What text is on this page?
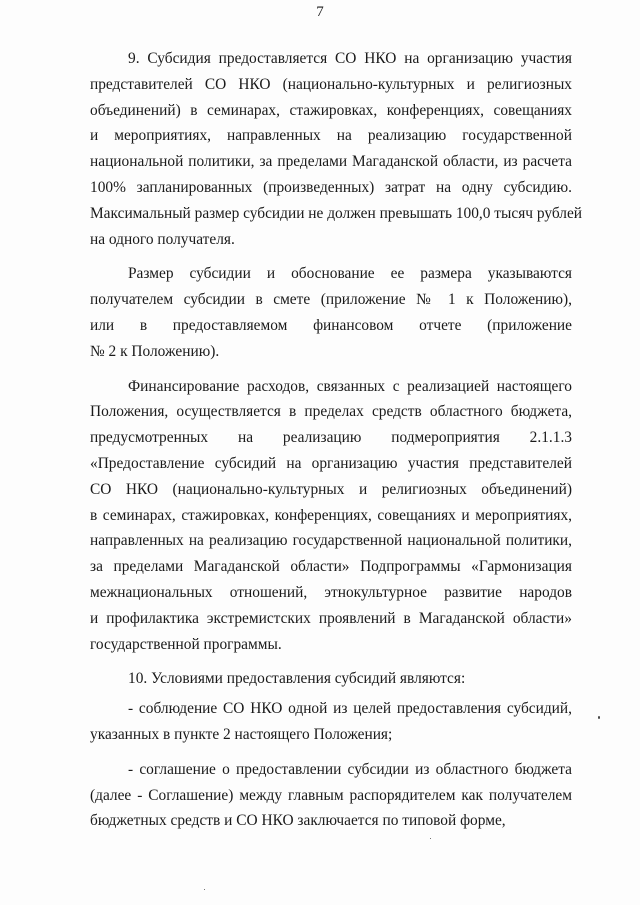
7
9. Субсидия предоставляется СО НКО на организацию участия
представителей СО НКО (национально-культурных и религиозных
объединений) в семинарах, стажировках, конференциях, совещаниях
и мероприятиях, направленных на реализацию государственной
национальной политики, за пределами Магаданской области, из расчета
100% запланированных (произведенных) затрат на одну субсидию.
Максимальный размер субсидии не должен превышать 100,0 тысяч рублей
на одного получателя.
Размер субсидии и обоснование ее размера указываются
получателем субсидии в смете (приложение № 1 к Положению),
или в предоставляемом финансовом отчете (приложение
№ 2 к Положению).
Финансирование расходов, связанных с реализацией настоящего
Положения, осуществляется в пределах средств областного бюджета,
предусмотренных на реализацию подмероприятия 2.1.1.3
«Предоставление субсидий на организацию участия представителей
СО НКО (национально-культурных и религиозных объединений)
в семинарах, стажировках, конференциях, совещаниях и мероприятиях,
направленных на реализацию государственной национальной политики,
за пределами Магаданской области» Подпрограммы «Гармонизация
межнациональных отношений, этнокультурное развитие народов
и профилактика экстремистских проявлений в Магаданской области»
государственной программы.
10. Условиями предоставления субсидий являются:
- соблюдение СО НКО одной из целей предоставления субсидий,
указанных в пункте 2 настоящего Положения;
- соглашение о предоставлении субсидии из областного бюджета
(далее - Соглашение) между главным распорядителем как получателем
бюджетных средств и СО НКО заключается по типовой форме,
